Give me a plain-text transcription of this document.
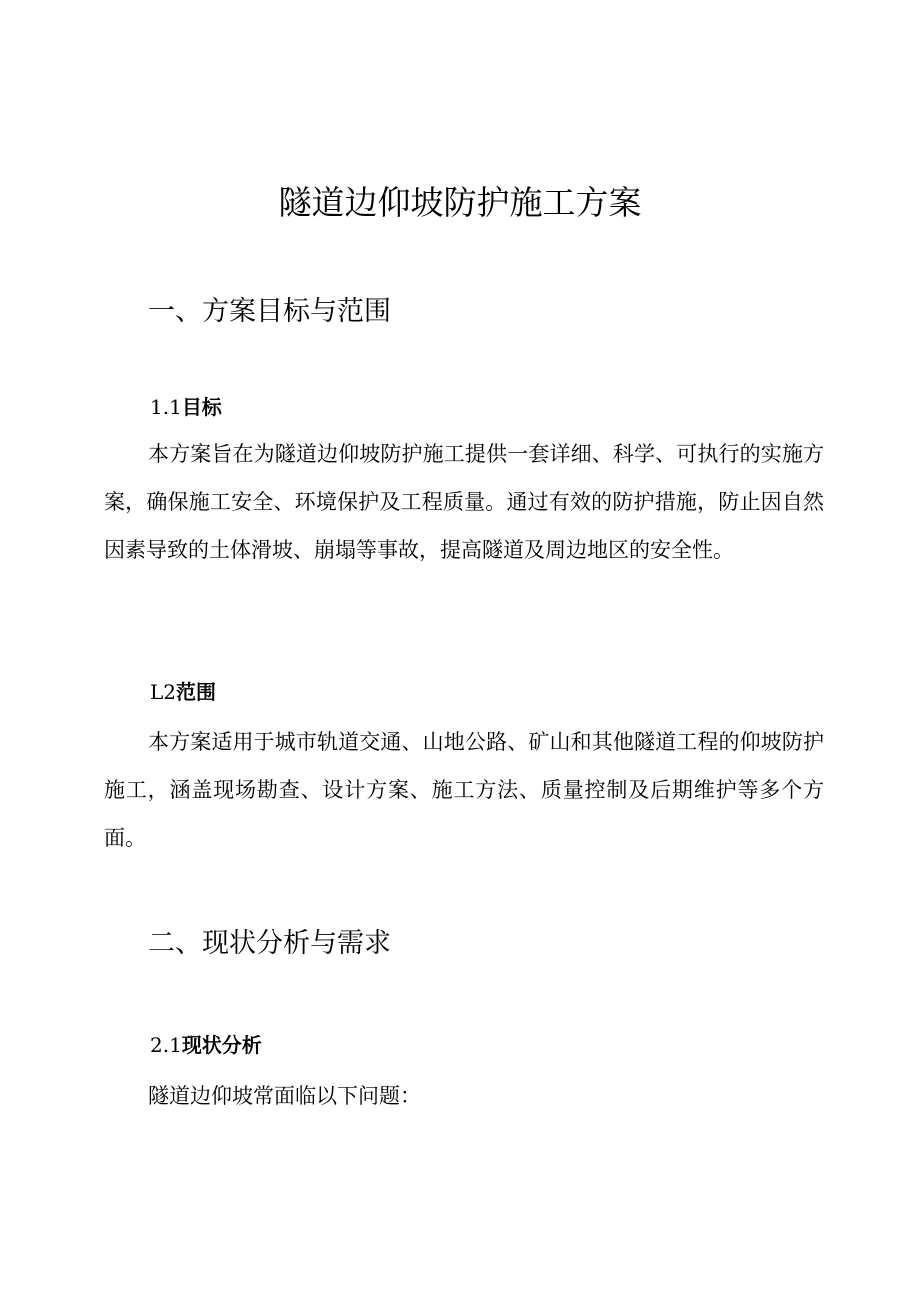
隧道边仰坡防护施工方案
一、方案目标与范围
1.1目标

本方案旨在为隧道边仰坡防护施工提供一套详细、科学、可执行的实施方案，确保施工安全、环境保护及工程质量。通过有效的防护措施，防止因自然因素导致的土体滑坡、崩塌等事故，提高隧道及周边地区的安全性。

L2范围

本方案适用于城市轨道交通、山地公路、矿山和其他隧道工程的仰坡防护施工，涵盖现场勘查、设计方案、施工方法、质量控制及后期维护等多个方面。

二、现状分析与需求
2.1现状分析

隧道边仰坡常面临以下问题：
